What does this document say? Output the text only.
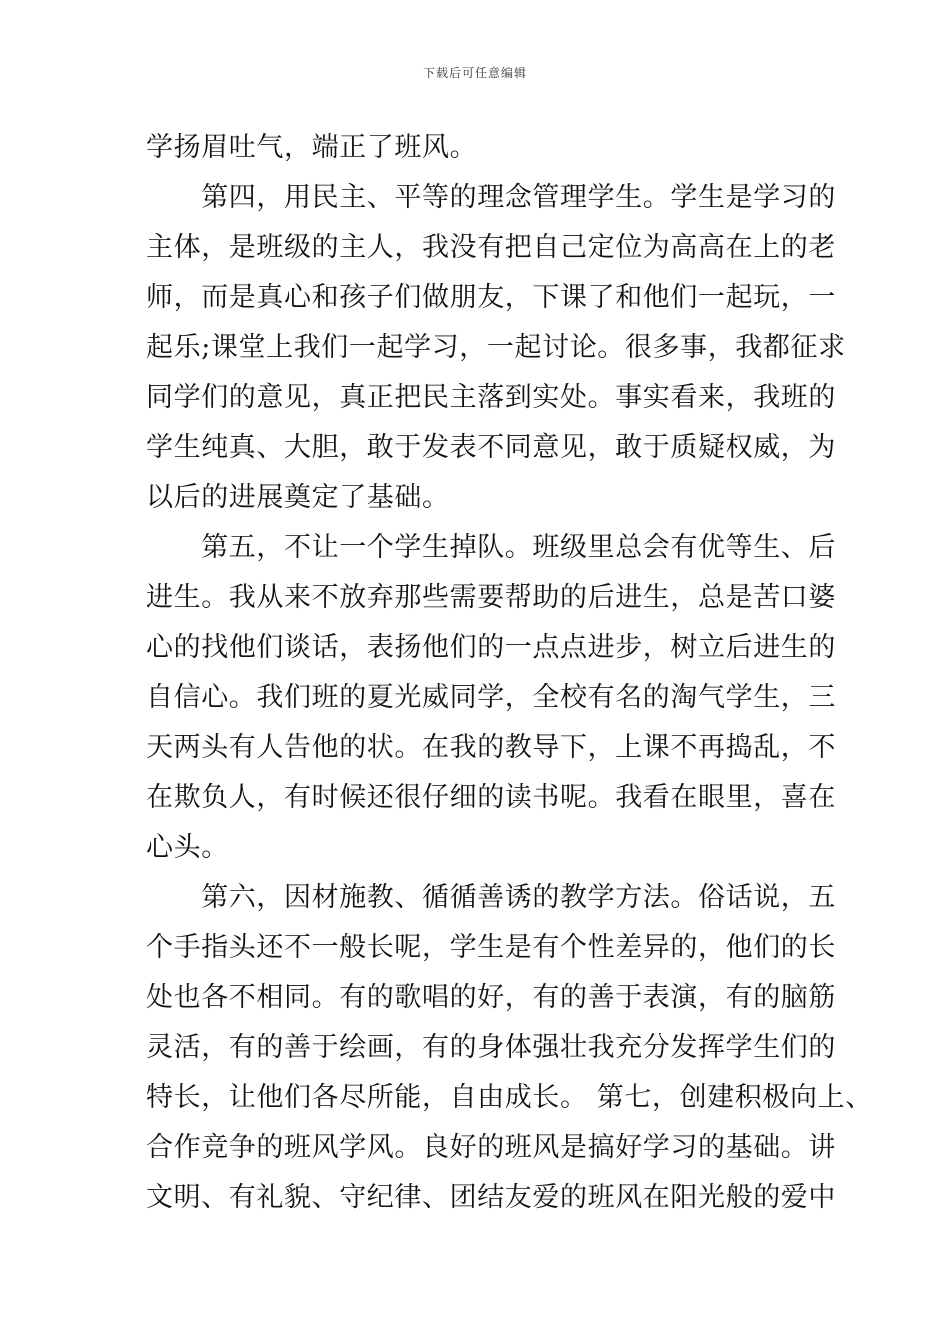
下载后可任意编辑
学扬眉吐气，端正了班风。
　　第四，用民主、平等的理念管理学生。学生是学习的
主体，是班级的主人，我没有把自己定位为高高在上的老
师，而是真心和孩子们做朋友，下课了和他们一起玩，一
起乐;课堂上我们一起学习，一起讨论。很多事，我都征求
同学们的意见，真正把民主落到实处。事实看来，我班的
学生纯真、大胆，敢于发表不同意见，敢于质疑权威，为
以后的进展奠定了基础。
　　第五，不让一个学生掉队。班级里总会有优等生、后
进生。我从来不放弃那些需要帮助的后进生，总是苦口婆
心的找他们谈话，表扬他们的一点点进步，树立后进生的
自信心。我们班的夏光威同学，全校有名的淘气学生，三
天两头有人告他的状。在我的教导下，上课不再捣乱，不
在欺负人，有时候还很仔细的读书呢。我看在眼里，喜在
心头。
　　第六，因材施教、循循善诱的教学方法。俗话说，五
个手指头还不一般长呢，学生是有个性差异的，他们的长
处也各不相同。有的歌唱的好，有的善于表演，有的脑筋
灵活，有的善于绘画，有的身体强壮我充分发挥学生们的
特长，让他们各尽所能，自由成长。 第七，创建积极向上、
合作竞争的班风学风。良好的班风是搞好学习的基础。讲
文明、有礼貌、守纪律、团结友爱的班风在阳光般的爱中
